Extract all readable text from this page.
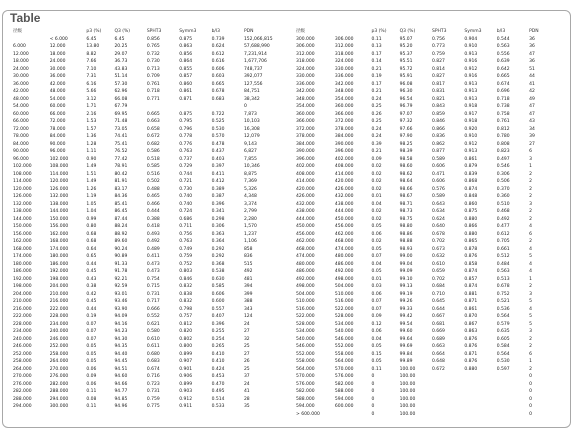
Table
径级		p3 (%)	Q3 (%)	SPHT3	Symm3	b/l3	PDN
	< 6.000	6.45	6.45	0.856	0.875	0.739	152,066,815
6.000	12.000	13.80	20.25	0.765	0.863	0.624	57,688,990
12.000	18.000	8.82	29.07	0.732	0.856	0.612	7,231,914
18.000	24.000	7.66	36.73	0.730	0.864	0.616	1,677,706
24.000	30.000	7.10	43.83	0.713	0.855	0.606	748,737
30.000	36.000	7.31	51.14	0.709	0.857	0.603	392,077
36.000	42.000	6.16	57.30	0.761	0.860	0.665	127,556
42.000	48.000	5.66	62.96	0.718	0.861	0.678	84,751
48.000	54.000	3.12	66.08	0.771	0.871	0.683	38,342
54.000	60.000	1.71	67.79				0
60.000	66.000	2.16	69.95	0.665	0.875	0.722	7,873
66.000	72.000	1.53	71.48	0.663	0.795	0.525	10,103
72.000	78.000	1.57	73.05	0.658	0.796	0.530	16,308
78.000	84.000	1.36	74.41	0.672	0.778	0.570	12,079
84.000	90.000	1.28	75.41	0.682	0.776	0.478	9,143
90.000	96.000	1.11	76.52	0.586	0.763	0.437	6,827
96.000	102.000	0.90	77.42	0.518	0.737	0.403	7,855
102.000	108.000	1.49	78.91	0.585	0.729	0.397	10,346
108.000	114.000	1.51	80.42	0.516	0.744	0.411	8,875
114.000	120.000	1.49	81.91	0.502	0.721	0.412	7,369
120.000	126.000	1.26	83.17	0.488	0.730	0.389	5,326
126.000	132.000	1.19	84.36	0.465	0.740	0.387	4,348
132.000	138.000	1.05	85.41	0.466	0.740	0.396	3,374
138.000	144.000	1.04	86.45	0.444	0.724	0.341	2,799
144.000	150.000	0.99	87.44	0.388	0.686	0.298	2,280
150.000	156.000	0.80	88.24	0.418	0.711	0.306	1,570
156.000	162.000	0.68	88.92	0.493	0.756	0.363	1,237
162.000	168.000	0.68	89.60	0.492	0.763	0.364	1,106
168.000	174.000	0.64	90.24	0.489	0.749	0.292	858
174.000	180.000	0.65	90.89	0.411	0.759	0.292	836
180.000	186.000	0.44	91.33	0.473	0.752	0.368	515
186.000	192.000	0.45	91.78	0.473	0.803	0.538	492
192.000	198.000	0.43	92.21	0.754	0.846	0.630	481
198.000	204.000	0.38	92.59	0.715	0.832	0.585	394
204.000	210.000	0.42	93.01	0.731	0.838	0.606	399
210.000	216.000	0.45	93.46	0.717	0.832	0.600	388
216.000	222.000	0.44	93.90	0.666	0.798	0.557	343
222.000	228.000	0.19	94.09	0.552	0.757	0.407	124
228.000	234.000	0.07	94.16	0.621	0.812	0.396	24
234.000	240.000	0.07	94.23	0.580	0.820	0.255	27
240.000	246.000	0.07	94.30	0.610	0.802	0.254	32
246.000	252.000	0.05	94.35	0.611	0.800	0.265	25
252.000	258.000	0.05	94.40	0.680	0.899	0.410	27
258.000	264.000	0.05	94.45	0.683	0.907	0.410	26
264.000	270.000	0.06	94.51	0.674	0.901	0.424	25
270.000	276.000	0.09	94.60	0.716	0.906	0.453	37
276.000	282.000	0.06	94.66	0.723	0.899	0.470	24
282.000	288.000	0.11	94.77	0.731	0.903	0.495	41
288.000	294.000	0.08	94.85	0.759	0.912	0.514	28
294.000	300.000	0.11	94.96	0.775	0.911	0.533	35
径级		p3 (%)	Q3 (%)	SPHT3	Symm3	b/l3	PDN
300.000	306.000	0.11	95.07	0.756	0.904	0.544	36
306.000	312.000	0.13	95.20	0.773	0.910	0.563	36
312.000	318.000	0.17	95.37	0.759	0.913	0.556	47
318.000	324.000	0.14	95.51	0.827	0.916	0.639	36
324.000	330.000	0.21	95.72	0.814	0.912	0.642	51
330.000	336.000	0.19	95.91	0.827	0.916	0.665	44
336.000	342.000	0.17	96.08	0.817	0.913	0.674	41
342.000	348.000	0.21	96.30	0.831	0.913	0.696	42
348.000	354.000	0.24	96.54	0.821	0.913	0.718	49
354.000	360.000	0.25	96.79	0.843	0.918	0.738	47
360.000	366.000	0.26	97.07	0.859	0.917	0.758	47
366.000	372.000	0.25	97.32	0.846	0.918	0.761	43
372.000	378.000	0.24	97.66	0.866	0.920	0.812	34
378.000	384.000	0.24	97.90	0.836	0.910	0.780	39
384.000	390.000	0.39	98.25	0.862	0.912	0.808	27
390.000	396.000	0.21	98.39	0.877	0.913	0.823	6
396.000	402.000	0.09	98.58	0.589	0.861	0.497	3
402.000	408.000	0.02	98.60	0.606	0.879	0.546	1
408.000	414.000	0.02	98.62	0.471	0.839	0.306	2
414.000	420.000	0.02	98.64	0.606	0.868	0.506	2
420.000	426.000	0.02	98.66	0.576	0.874	0.370	2
426.000	432.000	0.01	98.67	0.589	0.848	0.360	2
432.000	438.000	0.04	98.71	0.643	0.860	0.510	3
438.000	444.000	0.02	98.73	0.634	0.875	0.468	2
444.000	450.000	0.02	98.75	0.624	0.880	0.492	2
450.000	456.000	0.05	98.80	0.640	0.866	0.477	4
456.000	462.000	0.06	98.86	0.678	0.880	0.612	6
462.000	468.000	0.02	98.88	0.702	0.865	0.705	2
468.000	474.000	0.05	98.93	0.673	0.878	0.661	4
474.000	480.000	0.07	99.00	0.632	0.876	0.512	5
480.000	486.000	0.04	99.04	0.610	0.858	0.484	4
486.000	492.000	0.05	99.09	0.659	0.874	0.563	4
492.000	498.000	0.01	99.10	0.702	0.857	0.513	1
498.000	504.000	0.03	99.13	0.684	0.874	0.678	2
504.000	510.000	0.06	99.19	0.710	0.881	0.752	3
510.000	516.000	0.07	99.26	0.645	0.871	0.521	5
516.000	522.000	0.07	99.33	0.644	0.861	0.536	4
522.000	528.000	0.09	99.42	0.667	0.870	0.564	5
528.000	534.000	0.12	99.54	0.681	0.867	0.579	5
534.000	540.000	0.06	99.60	0.669	0.863	0.635	3
540.000	546.000	0.04	99.64	0.689	0.876	0.605	2
546.000	552.000	0.05	99.69	0.663	0.876	0.584	2
552.000	558.000	0.15	99.84	0.664	0.871	0.564	6
558.000	564.000	0.05	99.89	0.648	0.876	0.530	1
564.000	570.000	0.11	100.00	0.672	0.880	0.597	2
570.000	576.000	0	100.00				0
576.000	582.000	0	100.00				0
582.000	588.000	0	100.00				0
588.000	594.000	0	100.00				0
594.000	600.000	0	100.00				0
> 600.000		0	100.00				0
